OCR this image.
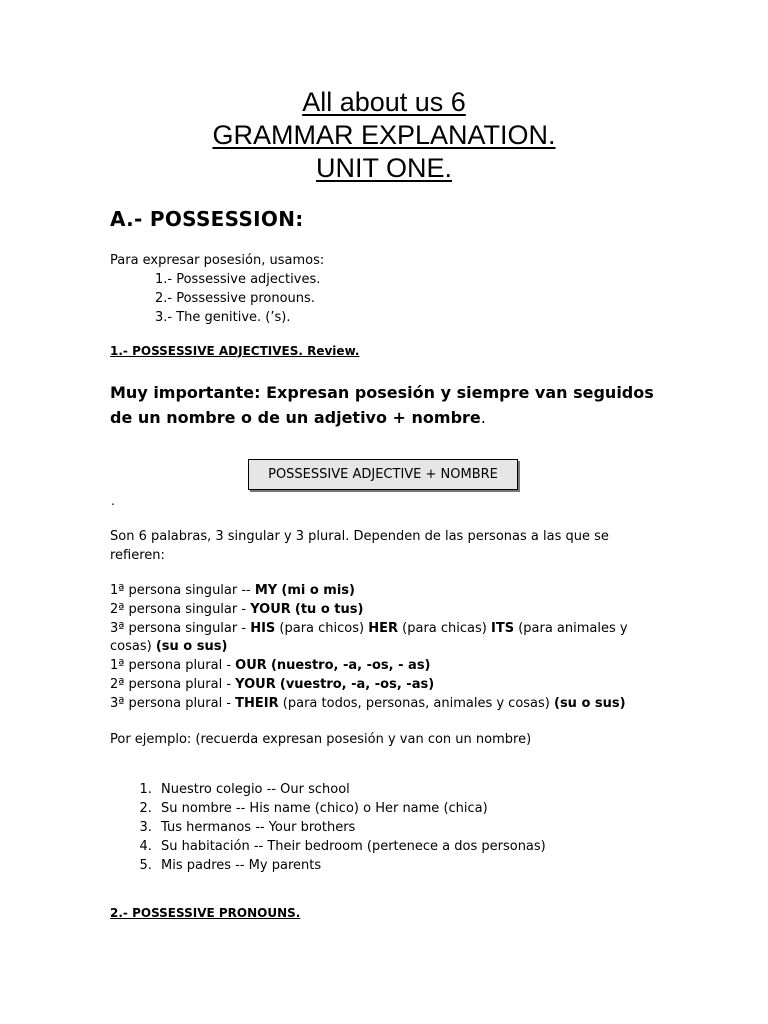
All about us 6
GRAMMAR EXPLANATION.
UNIT ONE.
A.- POSSESSION:
Para expresar posesión, usamos:
1.- Possessive adjectives.
2.- Possessive pronouns.
3.- The genitive. (’s).
1.- POSSESSIVE ADJECTIVES. Review.
Muy importante: Expresan posesión y siempre van seguidos de un nombre o de un adjetivo + nombre.
POSSESSIVE ADJECTIVE + NOMBRE
.
Son 6 palabras, 3 singular y 3 plural. Dependen de las personas a las que se refieren:
1ª persona singular -- MY (mi o mis)
2ª persona singular - YOUR (tu o tus)
3ª persona singular - HIS (para chicos) HER (para chicas) ITS (para animales y cosas) (su o sus)
1ª persona plural - OUR (nuestro, -a, -os, - as)
2ª persona plural - YOUR (vuestro, -a, -os, -as)
3ª persona plural - THEIR (para todos, personas, animales y cosas) (su o sus)
Por ejemplo: (recuerda expresan posesión y van con un nombre)
1. Nuestro colegio -- Our school
2. Su nombre -- His name (chico) o Her name (chica)
3. Tus hermanos -- Your brothers
4. Su habitación -- Their bedroom (pertenece a dos personas)
5. Mis padres -- My parents
2.- POSSESSIVE PRONOUNS.
